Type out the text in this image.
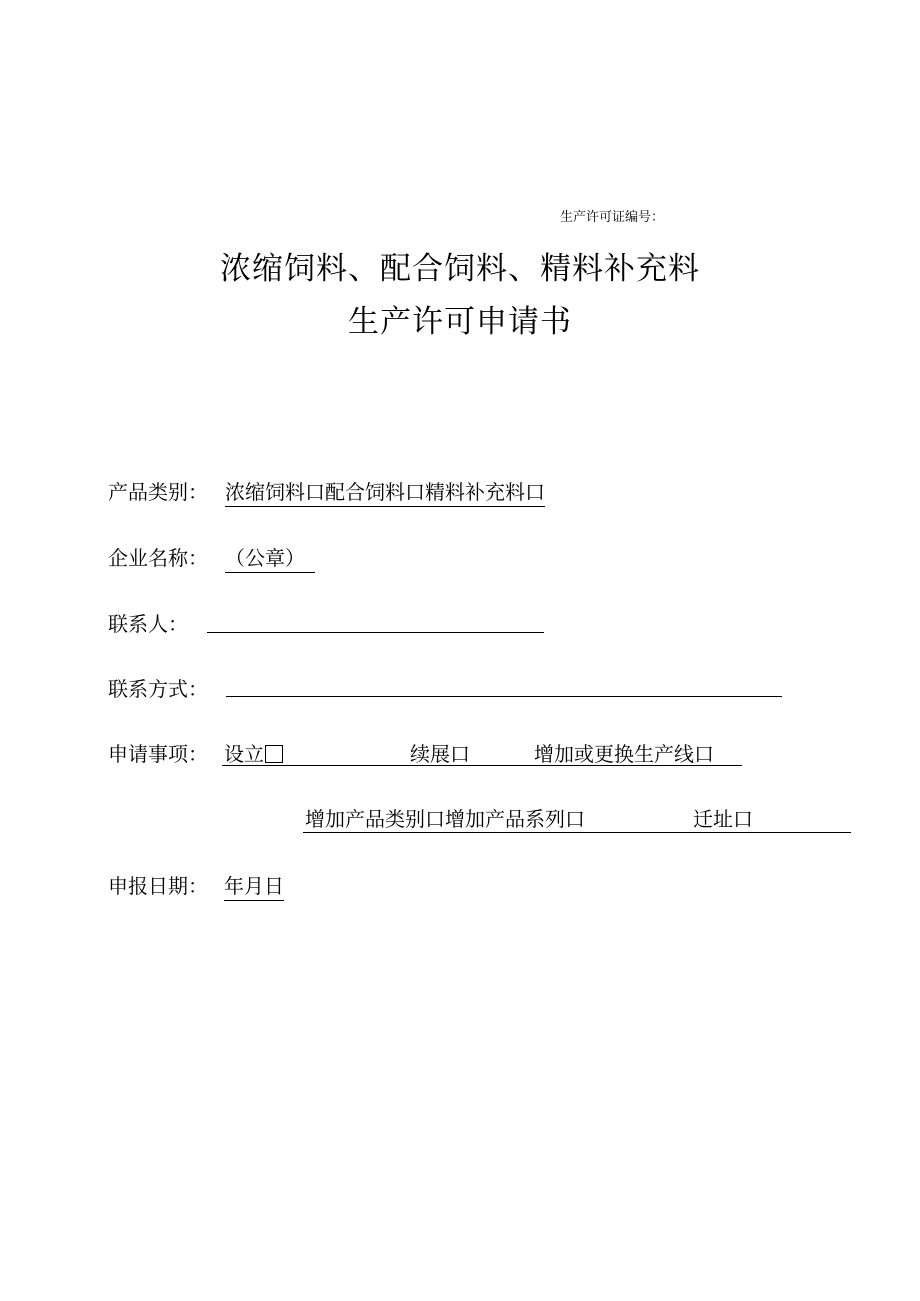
生产许可证编号：
浓缩饲料、配合饲料、精料补充料
生产许可申请书
产品类别： 浓缩饲料口配合饲料口精料补充料口
企业名称： （公章）
联系人：
联系方式：
申请事项： 设立	续展口	增加或更换生产线口
增加产品类别口增加产品系列口	迁址口
申报日期： 年月日
